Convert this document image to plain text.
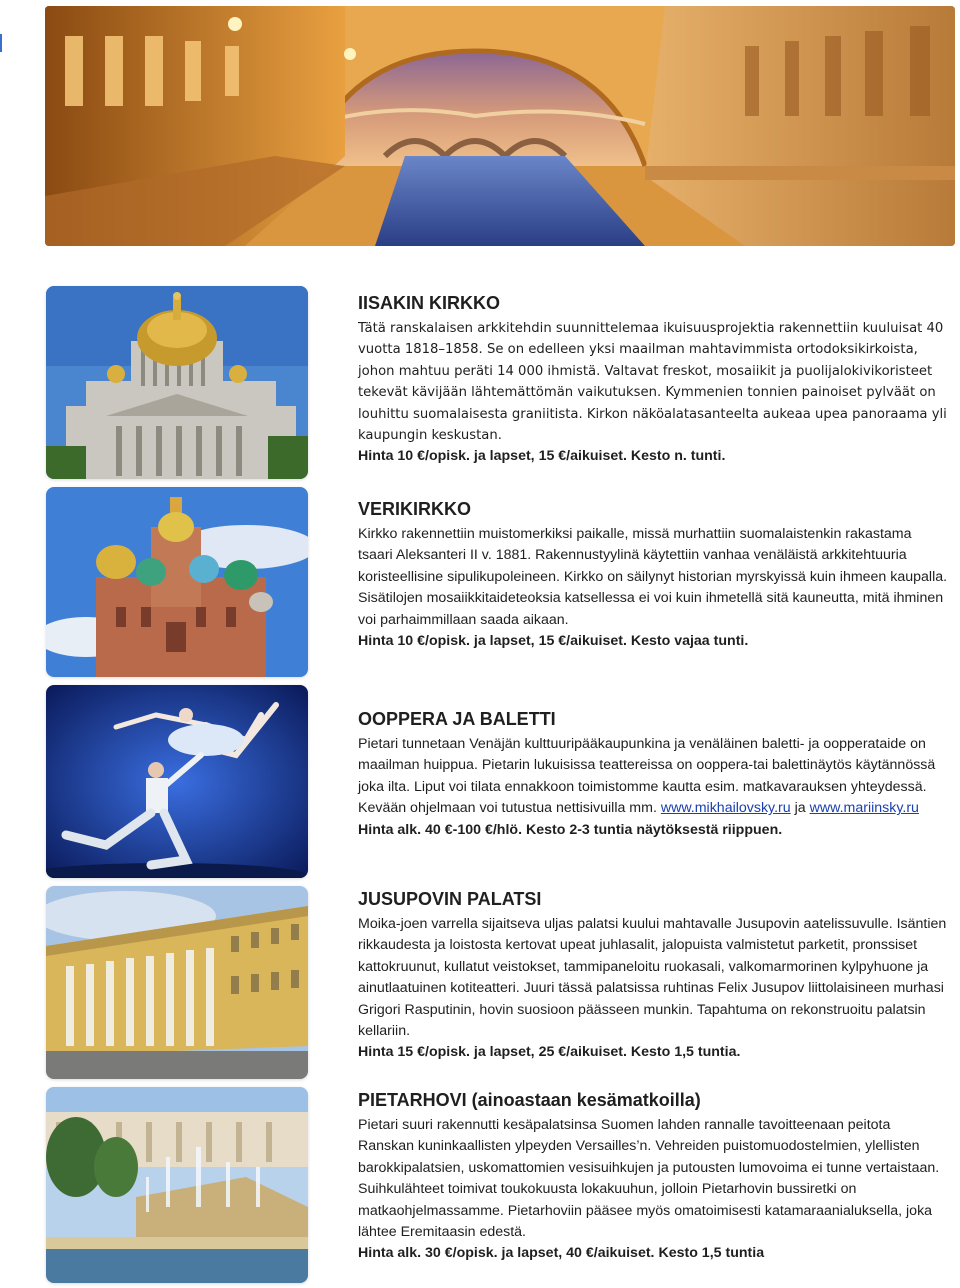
IISAKIN KIRKKO

Tätä ranskalaisen arkkitehdin suunnittelemaa ikuisuusprojektia rakennettiin kuuluisat 40 vuotta 1818–1858. Se on edelleen yksi maailman mahtavimmista ortodoksikirkoista, johon mahtuu peräti 14 000 ihmistä. Valtavat freskot, mosaiikit ja puolijalokivikoristeet tekevät kävijään lähtemättömän vaikutuksen. Kymmenien tonnien painoiset pylväät on louhittu suomalaisesta graniitista. Kirkon näköalatasanteelta aukeaa upea panoraama yli kaupungin keskustan.

Hinta 10 €/opisk. ja lapset, 15 €/aikuiset. Kesto n. tunti.

VERIKIRKKO

Kirkko rakennettiin muistomerkiksi paikalle, missä murhattiin suomalaistenkin rakastama tsaari Aleksanteri II v. 1881. Rakennustyylinä käytettiin vanhaa venäläistä arkkitehtuuria koristeellisine sipulikupoleineen. Kirkko on säilynyt historian myrskyissä kuin ihmeen kaupalla. Sisätilojen mosaiikkitaideteoksia katsellessa ei voi kuin ihmetellä sitä kauneutta, mitä ihminen voi parhaimmillaan saada aikaan.

Hinta 10 €/opisk. ja lapset, 15 €/aikuiset. Kesto vajaa tunti.

OOPPERA JA BALETTI

Pietari tunnetaan Venäjän kulttuuripääkaupunkina ja venäläinen baletti- ja oopperataide on maailman huippua. Pietarin lukuisissa teattereissa on ooppera-tai balettinäytös käytännössä joka ilta. Liput voi tilata ennakkoon toimistomme kautta esim. matkavarauksen yhteydessä. Kevään ohjelmaan voi tutustua nettisivuilla mm. www.mikhailovsky.ru ja www.mariinsky.ru

Hinta alk. 40 €-100 €/hlö. Kesto 2-3 tuntia näytöksestä riippuen.

JUSUPOVIN PALATSI

Moika-joen varrella sijaitseva uljas palatsi kuului mahtavalle Jusupovin aatelissuvulle. Isäntien rikkaudesta ja loistosta kertovat upeat juhlasalit, jalopuista valmistetut parketit, pronssiset kattokruunut, kullatut veistokset, tammipaneloitu ruokasali, valkomarmorinen kylpyhuone ja ainutlaatuinen kotiteatteri. Juuri tässä palatsissa ruhtinas Felix Jusupov liittolaisineen murhasi Grigori Rasputinin, hovin suosioon päässeen munkin. Tapahtuma on rekonstruoitu palatsin kellariin.

Hinta 15 €/opisk. ja lapset, 25 €/aikuiset. Kesto 1,5 tuntia.

PIETARHOVI (ainoastaan kesämatkoilla)

Pietari suuri rakennutti kesäpalatsinsa Suomen lahden rannalle tavoitteenaan peitota Ranskan kuninkaallisten ylpeyden Versailles’n. Vehreiden puistomuodostelmien, ylellisten barokkipalatsien, uskomattomien vesisuihkujen ja putousten lumovoima ei tunne vertaistaan. Suihkulähteet toimivat toukokuusta lokakuuhun, jolloin Pietarhovin bussiretki on matkaohjelmassamme. Pietarhoviin pääsee myös omatoimisesti katamaraanialuksella, joka lähtee Eremitaasin edestä.

Hinta alk. 30 €/opisk. ja lapset, 40 €/aikuiset. Kesto 1,5 tuntia
